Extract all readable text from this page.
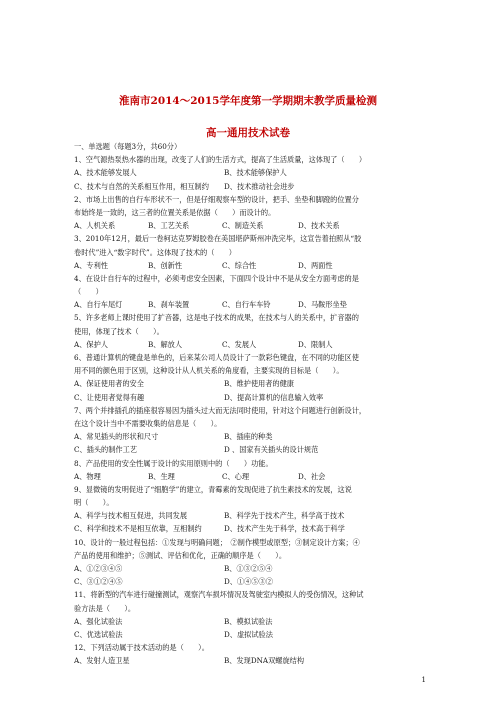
淮南市2014～2015学年度第一学期期末教学质量检测
高一通用技术试卷
一、单选题（每题3分，共60分）
1、空气源热泵热水器的出现，改变了人们的生活方式，提高了生活质量，这体现了（　　）
A、技术能够发展人	B、技术能够保护人
C、技术与自然的关系相互作用，相互制约 D、技术推动社会进步
2、市场上出售的自行车形状不一，但是仔细观察车型的设计，把手、坐垫和脚蹬的位置分
布始终是一致的，这三者的位置关系是依据（　　）而设计的。
A、人机关系	B、工艺关系	C、制造关系	D、技术关系
3、2010年12月，最后一卷柯达克罗姆胶卷在美国堪萨斯州冲洗完毕，这宣告着拍照从“胶
卷时代”进入“数字时代”。这体现了技术的（　　）
A、专利性	B、创新性	C、综合性	D、两面性
4、在设计自行车的过程中，必须考虑安全因素，下面四个设计中不是从安全方面考虑的是
（　　）
A、自行车尾灯	B、刹车装置	C、自行车车铃	D、马鞍形坐垫
5、许多老师上课时使用了扩音器，这是电子技术的成果，在技术与人的关系中，扩音器的
使用，体现了技术（　　）。
A、保护人	B、解放人	C、发展人	D、限制人
6、普通计算机的键盘是单色的，后来某公司人员设计了一款彩色键盘，在不同的功能区使
用不同的颜色用于区别，这种设计从人机关系的角度看，主要实现的目标是（　　）。
A、保证使用者的安全	B、维护使用者的健康
C、让使用者觉得有趣	D、提高计算机的信息输入效率
7、两个并排插孔的插座很容易因为插头过大而无法同时使用，针对这个问题进行创新设计，
在这个设计当中不需要收集的信息是（　　）。
A、常见插头的形状和尺寸	B、插座的种类
C、插头的制作工艺	D 、国家有关插头的设计规范
8、产品使用的安全性属于设计的实用原则中的（　　）功能。
A、物理	B、生理	C、心理	D、社会
9、显微镜的发明促进了“细胞学”的建立，青霉素的发现促进了抗生素技术的发展，这说
明（　　）。
A、科学与技术相互促进，共同发展	B、科学先于技术产生，科学高于技术
C、科学和技术不是相互依靠，互相制约	D、技术产生先于科学，技术高于科学
10、设计的一般过程包括：①发现与明确问题；　②制作模型或原型；③制定设计方案；④
产品的使用和维护；⑤测试、评估和优化，正确的顺序是（　　）。
A、①②③④⑤	B、①③②⑤④
C、③①②④⑤	D、①④⑤③②
11、将新型的汽车进行碰撞测试，观察汽车损坏情况及驾驶室内模拟人的受伤情况，这种试
验方法是（　　）。
A、强化试验法	B、模拟试验法
C、优选试验法	D、虚拟试验法
12、下列活动属于技术活动的是（　　）。
A、发射人造卫星	B、发现DNA双螺旋结构
1
